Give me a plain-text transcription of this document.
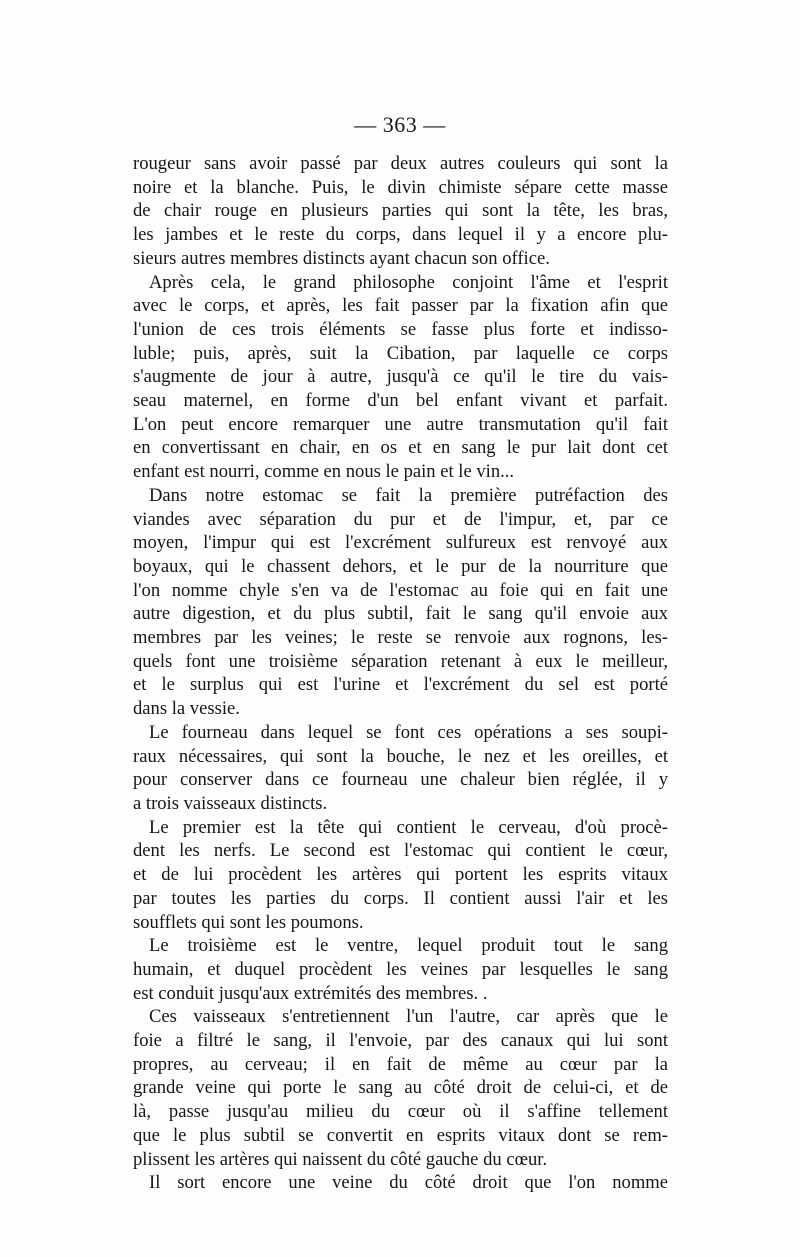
— 363 —
rougeur sans avoir passé par deux autres couleurs qui sont la
noire et la blanche. Puis, le divin chimiste sépare cette masse
de chair rouge en plusieurs parties qui sont la tête, les bras,
les jambes et le reste du corps, dans lequel il y a encore plu-
sieurs autres membres distincts ayant chacun son office.
Après cela, le grand philosophe conjoint l'âme et l'esprit
avec le corps, et après, les fait passer par la fixation afin que
l'union de ces trois éléments se fasse plus forte et indisso-
luble; puis, après, suit la Cibation, par laquelle ce corps
s'augmente de jour à autre, jusqu'à ce qu'il le tire du vais-
seau maternel, en forme d'un bel enfant vivant et parfait.
L'on peut encore remarquer une autre transmutation qu'il fait
en convertissant en chair, en os et en sang le pur lait dont cet
enfant est nourri, comme en nous le pain et le vin...
Dans notre estomac se fait la première putréfaction des
viandes avec séparation du pur et de l'impur, et, par ce
moyen, l'impur qui est l'excrément sulfureux est renvoyé aux
boyaux, qui le chassent dehors, et le pur de la nourriture que
l'on nomme chyle s'en va de l'estomac au foie qui en fait une
autre digestion, et du plus subtil, fait le sang qu'il envoie aux
membres par les veines; le reste se renvoie aux rognons, les-
quels font une troisième séparation retenant à eux le meilleur,
et le surplus qui est l'urine et l'excrément du sel est porté
dans la vessie.
Le fourneau dans lequel se font ces opérations a ses soupi-
raux nécessaires, qui sont la bouche, le nez et les oreilles, et
pour conserver dans ce fourneau une chaleur bien réglée, il y
a trois vaisseaux distincts.
Le premier est la tête qui contient le cerveau, d'où procè-
dent les nerfs. Le second est l'estomac qui contient le cœur,
et de lui procèdent les artères qui portent les esprits vitaux
par toutes les parties du corps. Il contient aussi l'air et les
soufflets qui sont les poumons.
Le troisième est le ventre, lequel produit tout le sang
humain, et duquel procèdent les veines par lesquelles le sang
est conduit jusqu'aux extrémités des membres. .
Ces vaisseaux s'entretiennent l'un l'autre, car après que le
foie a filtré le sang, il l'envoie, par des canaux qui lui sont
propres, au cerveau; il en fait de même au cœur par la
grande veine qui porte le sang au côté droit de celui-ci, et de
là, passe jusqu'au milieu du cœur où il s'affine tellement
que le plus subtil se convertit en esprits vitaux dont se rem-
plissent les artères qui naissent du côté gauche du cœur.
Il sort encore une veine du côté droit que l'on nomme
